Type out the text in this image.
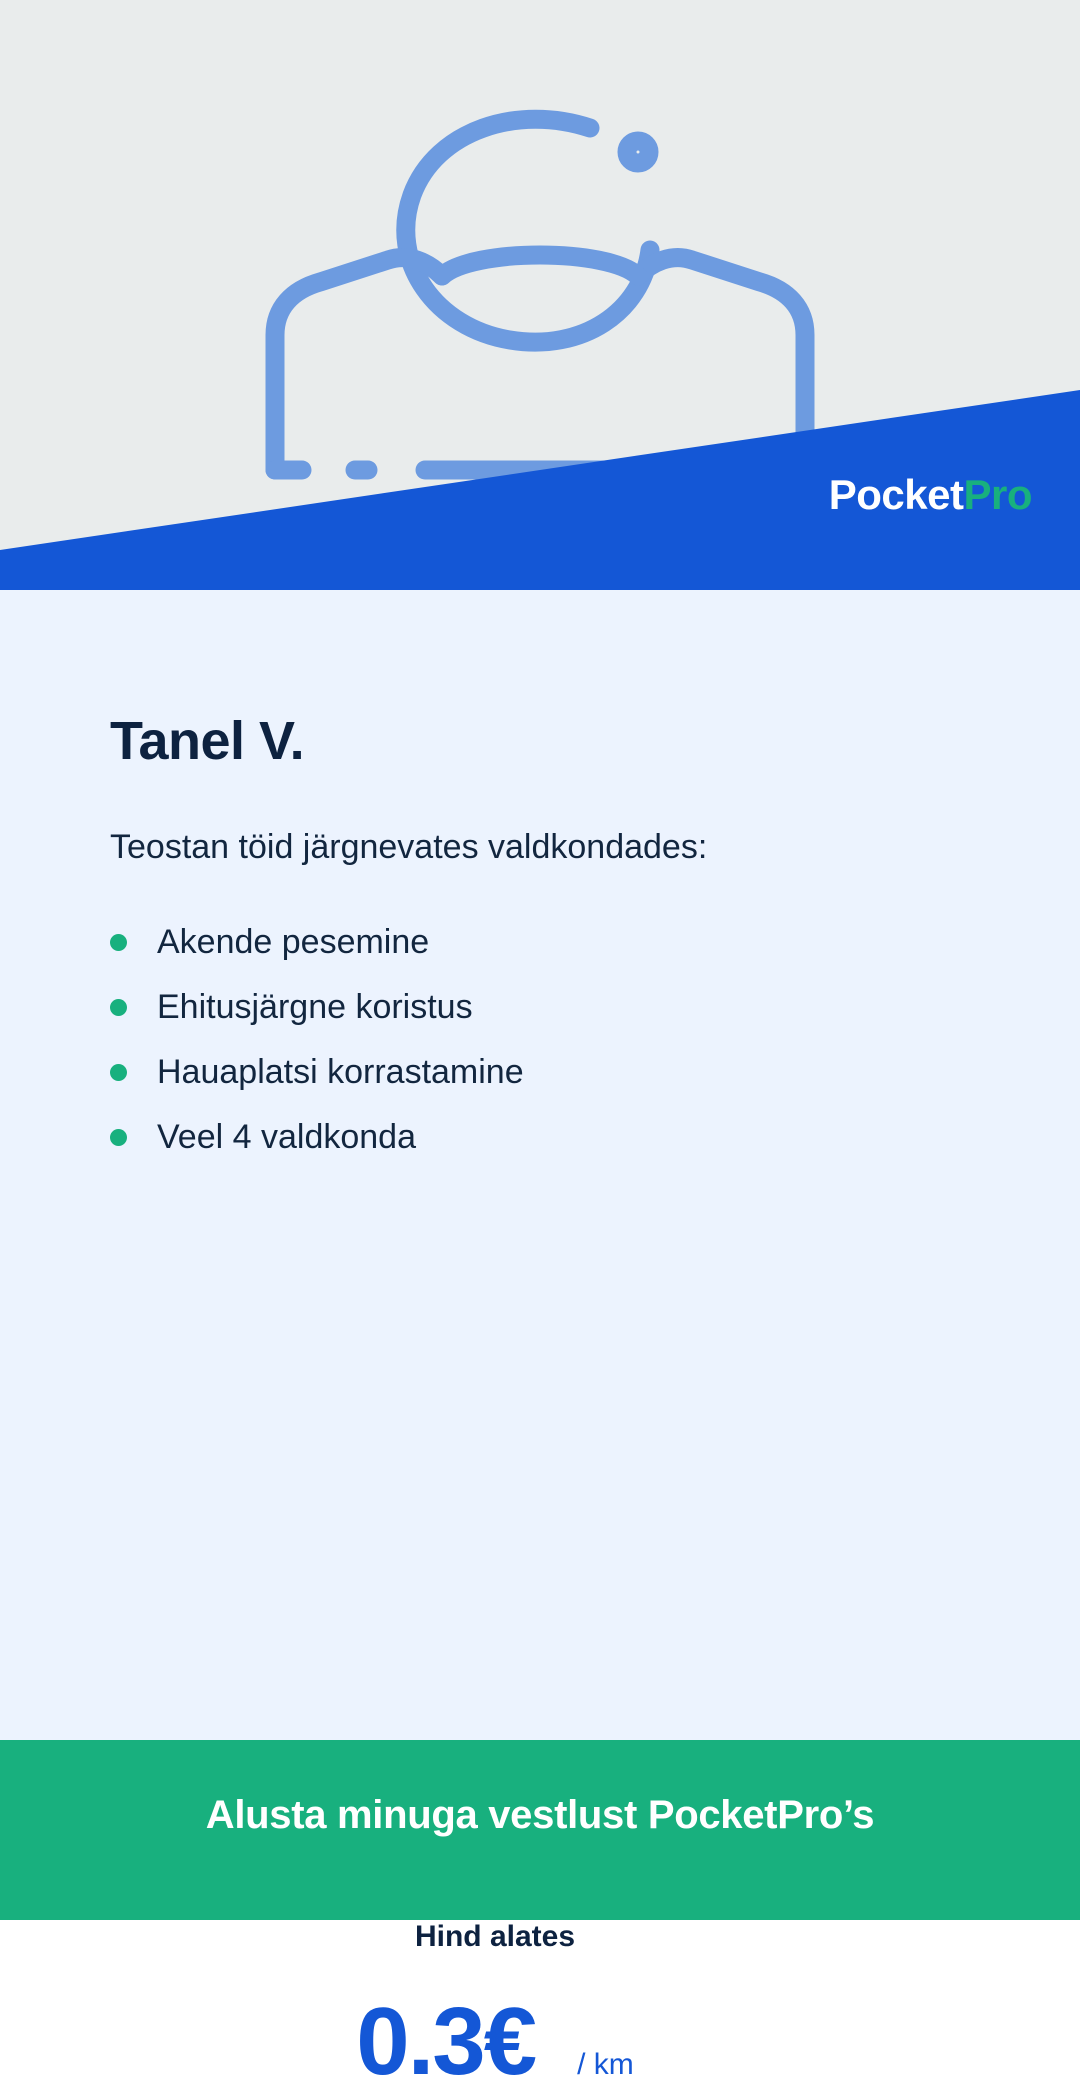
PocketPro
Tanel V.
Teostan töid järgnevates valdkondades:
Akende pesemine
Ehitusjärgne koristus
Hauaplatsi korrastamine
Veel 4 valdkonda
Hind alates
0.3€ / km
Alusta minuga vestlust PocketPro’s
